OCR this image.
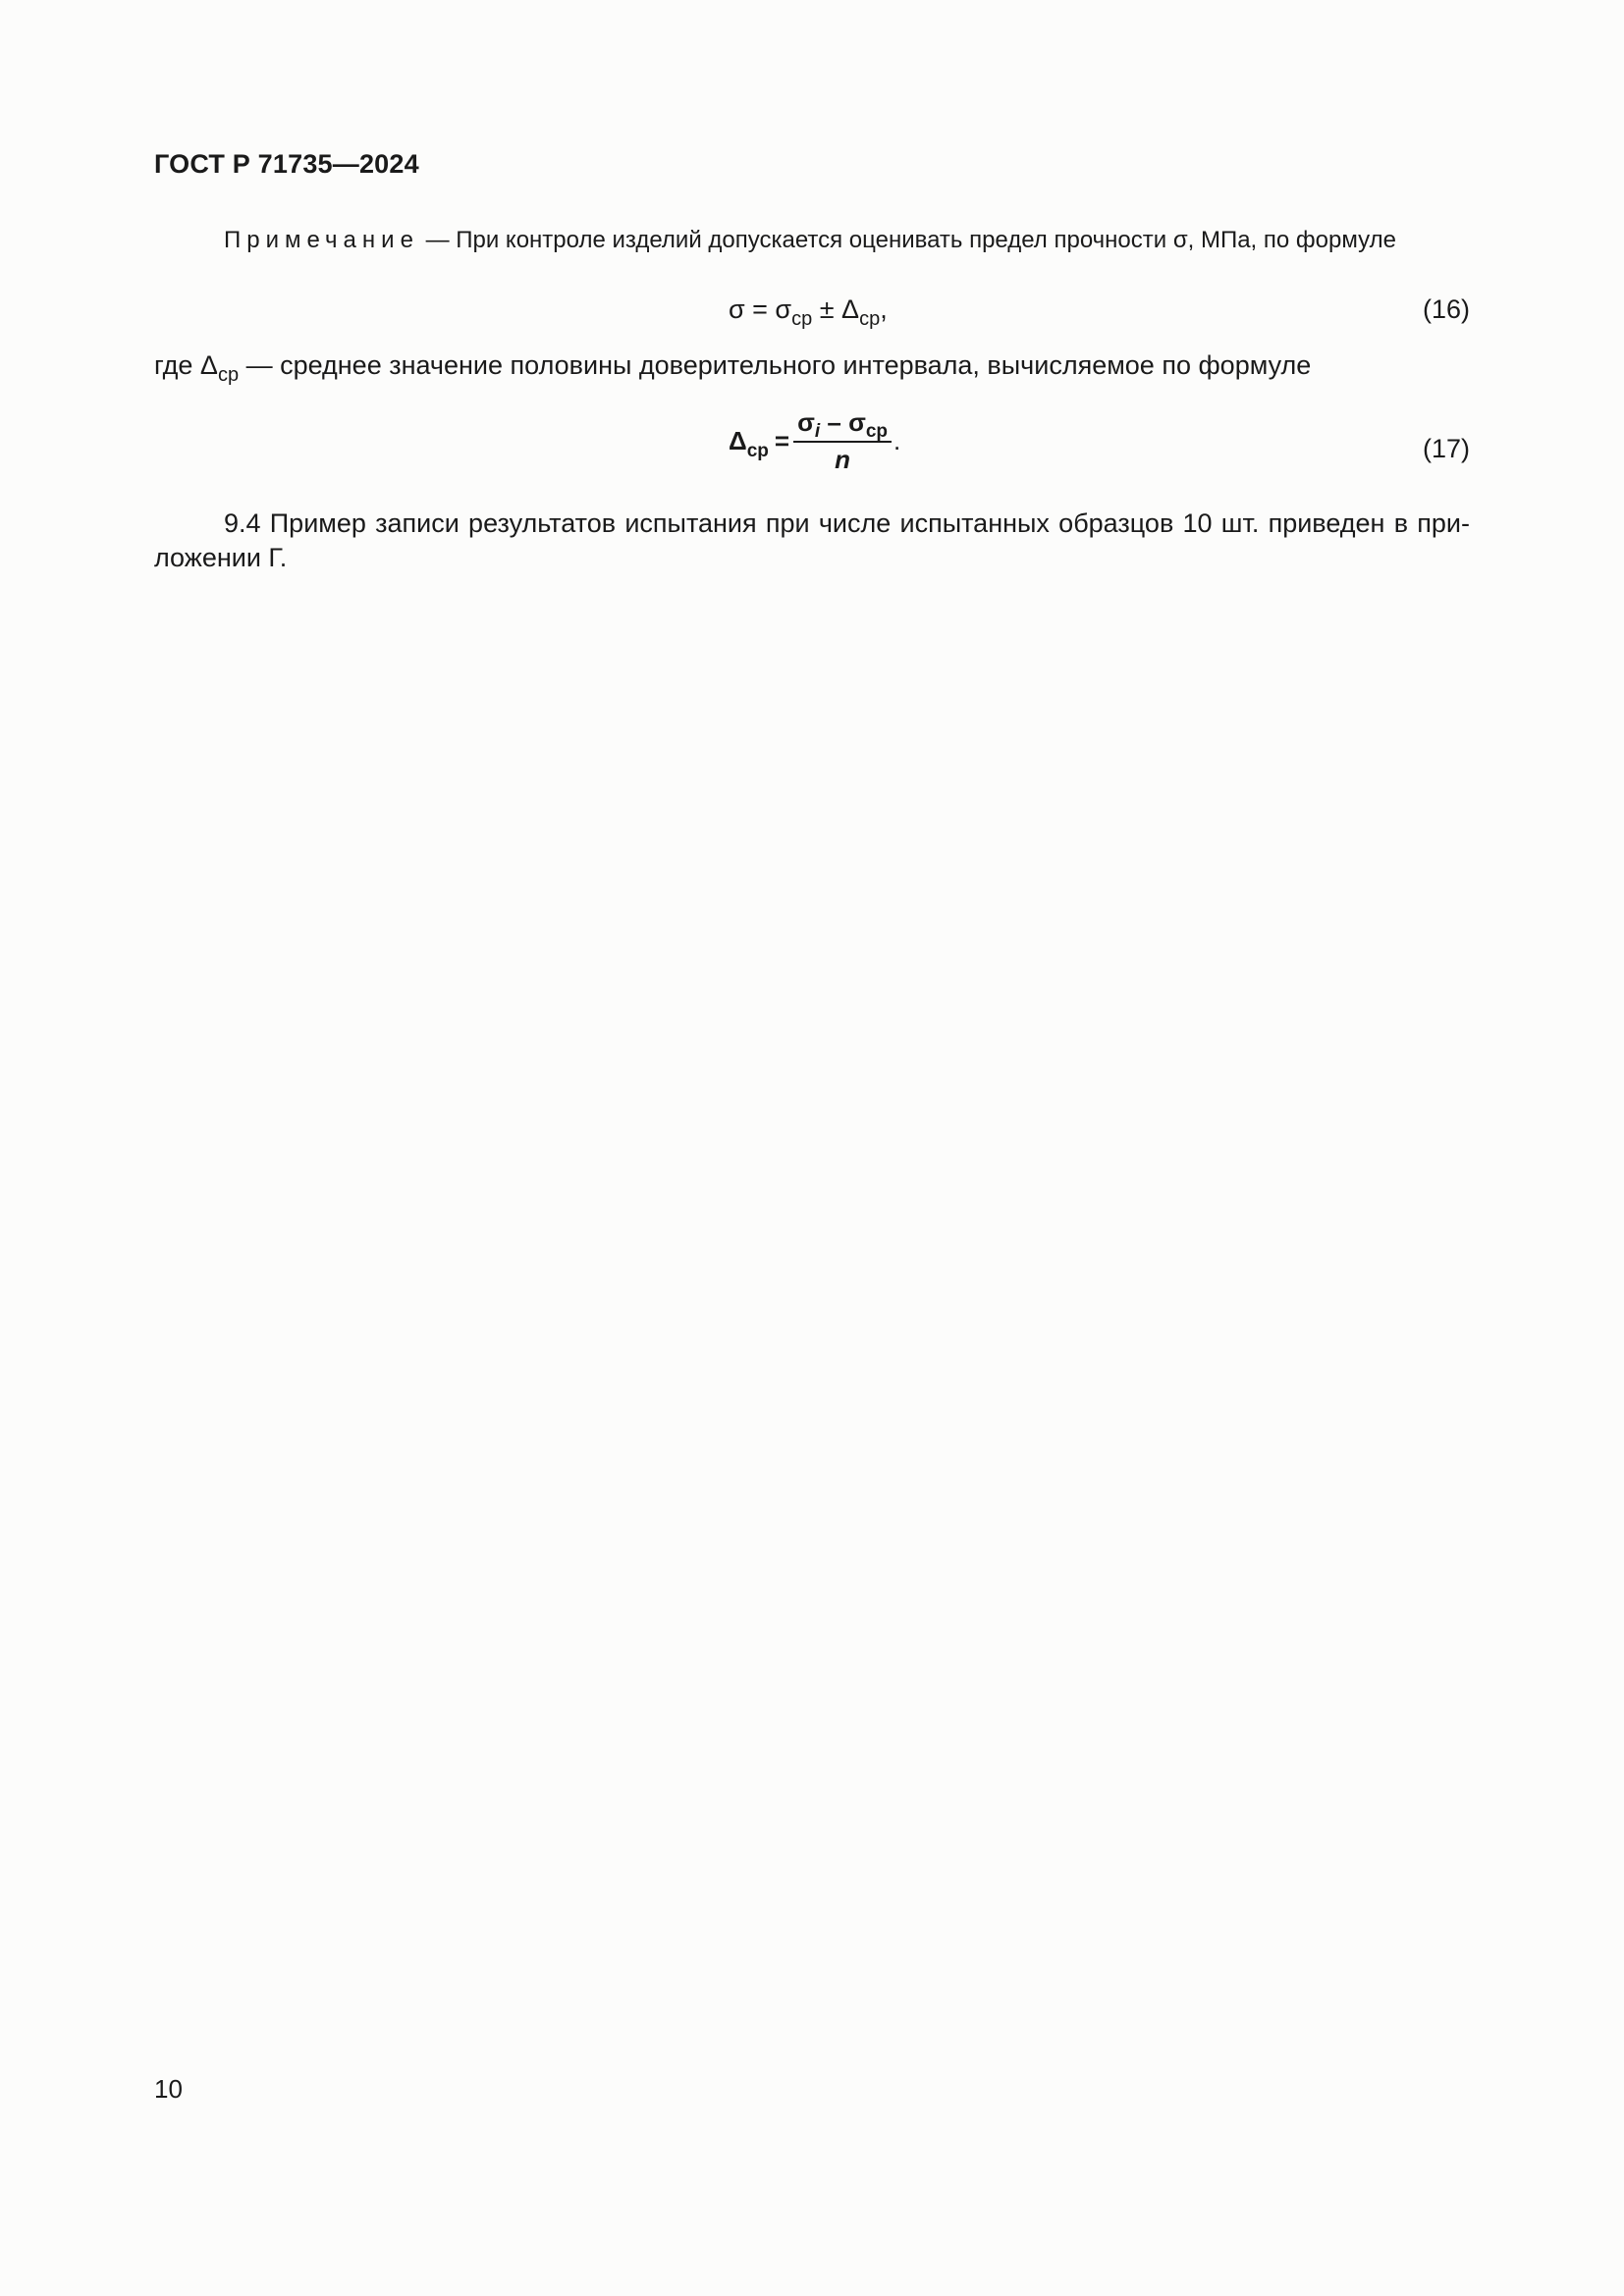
ГОСТ Р 71735—2024
Примечание — При контроле изделий допускается оценивать предел прочности σ, МПа, по формуле
$\sigma = \sigma_{ср} \pm \Delta_{ср}$,	(16)
где $\Delta_{ср}$ — среднее значение половины доверительного интервала, вычисляемое по формуле
$\Delta_{ср} = \frac{\sigma_i - \sigma_{ср}}{n}$ .	(17)
9.4 Пример записи результатов испытания при числе испытанных образцов 10 шт. приведен в при-
ложении Г.
10
